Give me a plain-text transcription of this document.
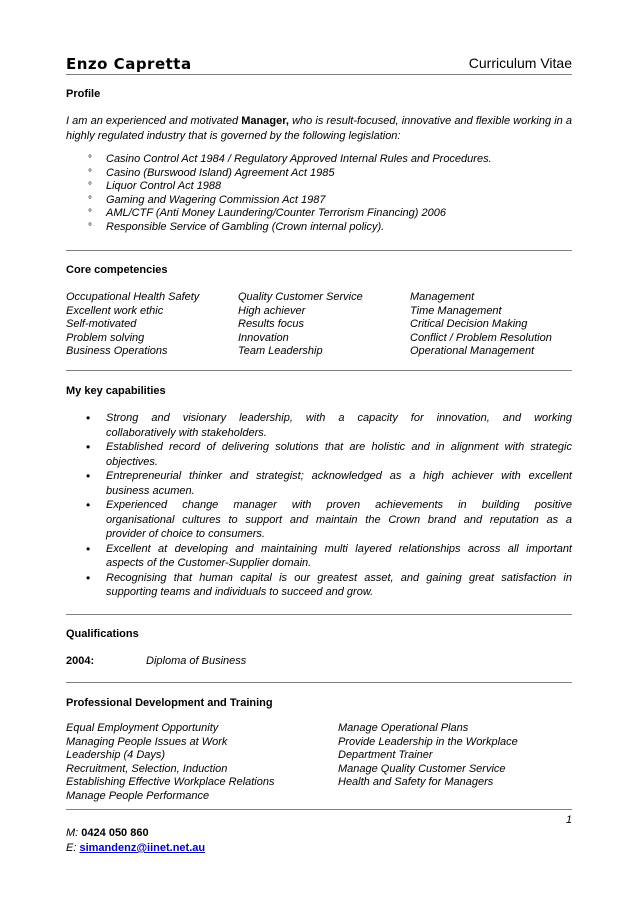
Enzo Capretta	Curriculum Vitae
Profile
I am an experienced and motivated Manager, who is result-focused, innovative and flexible working in a highly regulated industry that is governed by the following legislation:
° Casino Control Act 1984 / Regulatory Approved Internal Rules and Procedures.
° Casino (Burswood Island) Agreement Act 1985
° Liquor Control Act 1988
° Gaming and Wagering Commission Act 1987
° AML/CTF (Anti Money Laundering/Counter Terrorism Financing) 2006
° Responsible Service of Gambling (Crown internal policy).
Core competencies
Occupational Health Safety
Excellent work ethic
Self-motivated
Problem solving
Business Operations
Quality Customer Service
High achiever
Results focus
Innovation
Team Leadership
Management
Time Management
Critical Decision Making
Conflict / Problem Resolution
Operational Management
My key capabilities
• Strong and visionary leadership, with a capacity for innovation, and working
collaboratively with stakeholders.
• Established record of delivering solutions that are holistic and in alignment with strategic
objectives.
• Entrepreneurial thinker and strategist; acknowledged as a high achiever with excellent
business acumen.
• Experienced change manager with proven achievements in building positive
organisational cultures to support and maintain the Crown brand and reputation as a
provider of choice to consumers.
• Excellent at developing and maintaining multi layered relationships across all important
aspects of the Customer-Supplier domain.
• Recognising that human capital is our greatest asset, and gaining great satisfaction in
supporting teams and individuals to succeed and grow.
Qualifications
2004:	Diploma of Business
Professional Development and Training
Equal Employment Opportunity
Managing People Issues at Work
Leadership (4 Days)
Recruitment, Selection, Induction
Establishing Effective Workplace Relations
Manage People Performance
Manage Operational Plans
Provide Leadership in the Workplace
Department Trainer
Manage Quality Customer Service
Health and Safety for Managers
1
M: 0424 050 860
E: simandenz@iinet.net.au
